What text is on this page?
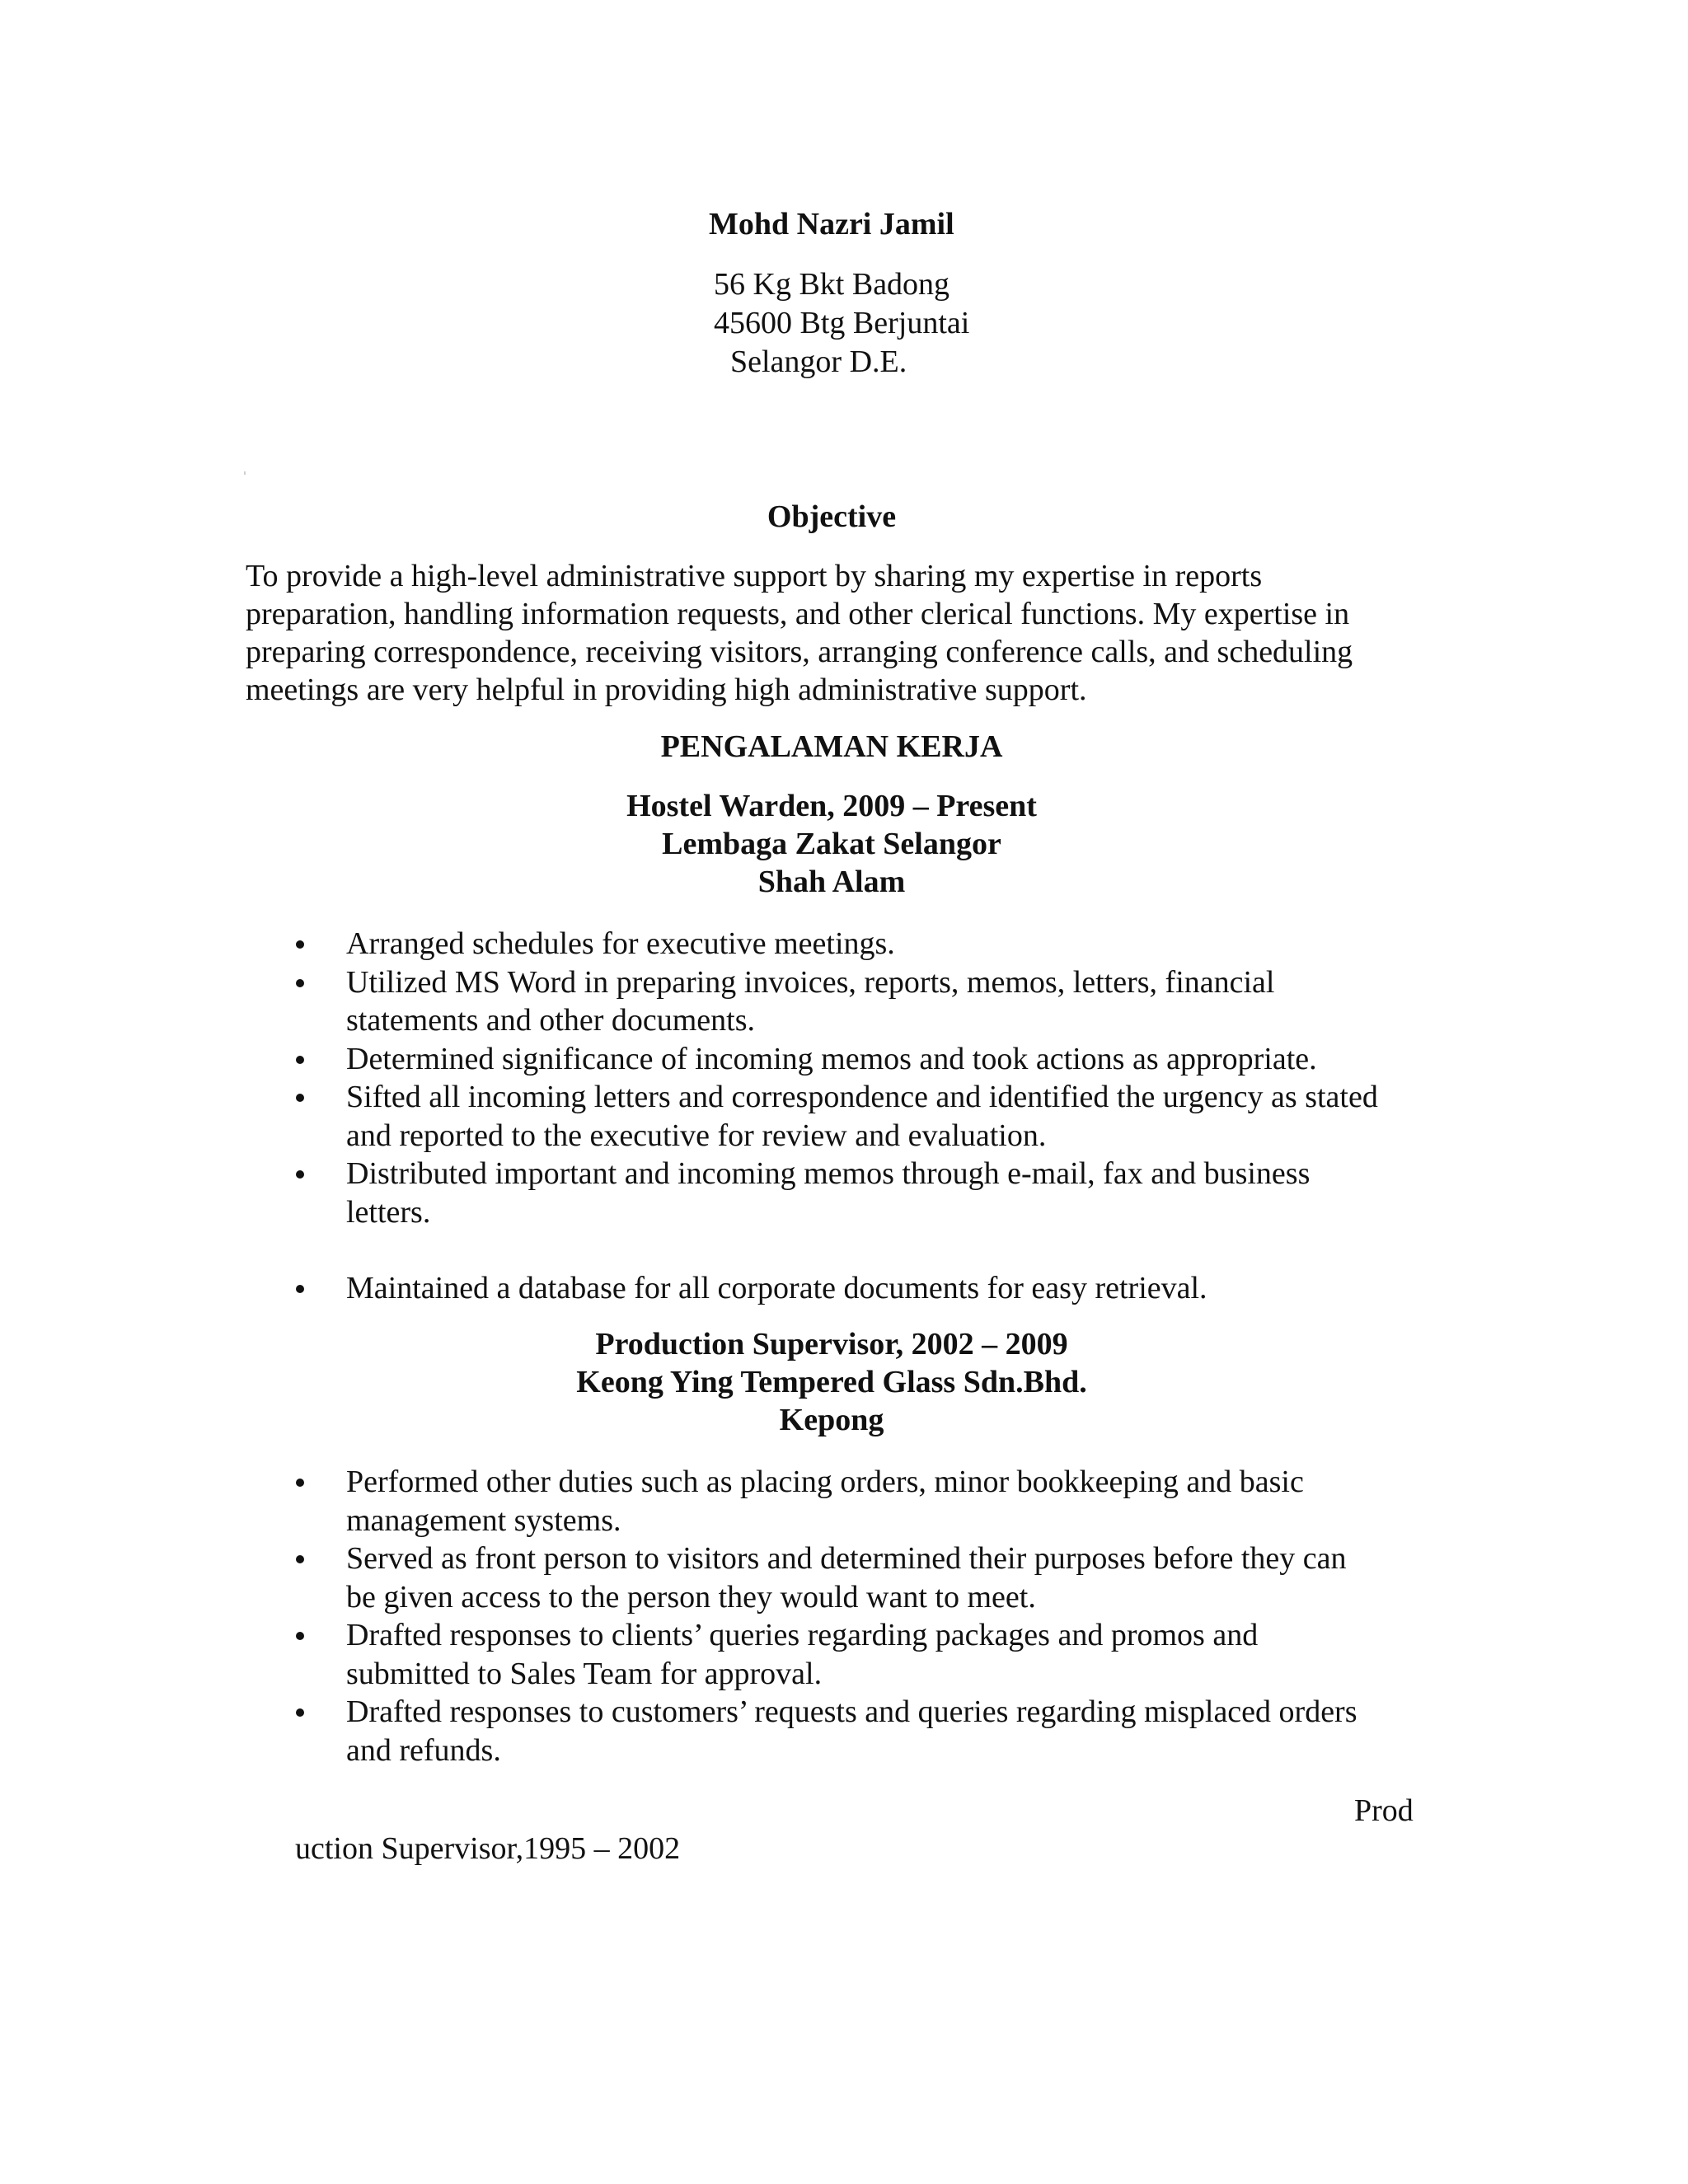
Mohd Nazri Jamil
56 Kg Bkt Badong
45600 Btg Berjuntai
Selangor D.E.
Objective
To provide a high-level administrative support by sharing my expertise in reports
preparation, handling information requests, and other clerical functions. My expertise in
preparing correspondence, receiving visitors, arranging conference calls, and scheduling
meetings are very helpful in providing high administrative support.
PENGALAMAN KERJA
Hostel Warden, 2009 – Present
Lembaga Zakat Selangor
Shah Alam
Arranged schedules for executive meetings.
Utilized MS Word in preparing invoices, reports, memos, letters, financial
statements and other documents.
Determined significance of incoming memos and took actions as appropriate.
Sifted all incoming letters and correspondence and identified the urgency as stated
and reported to the executive for review and evaluation.
Distributed important and incoming memos through e-mail, fax and business
letters.
Maintained a database for all corporate documents for easy retrieval.
Production Supervisor, 2002 – 2009
Keong Ying Tempered Glass Sdn.Bhd.
Kepong
Performed other duties such as placing orders, minor bookkeeping and basic
management systems.
Served as front person to visitors and determined their purposes before they can
be given access to the person they would want to meet.
Drafted responses to clients’ queries regarding packages and promos and
submitted to Sales Team for approval.
Drafted responses to customers’ requests and queries regarding misplaced orders
and refunds.
Prod
uction Supervisor,1995 – 2002
